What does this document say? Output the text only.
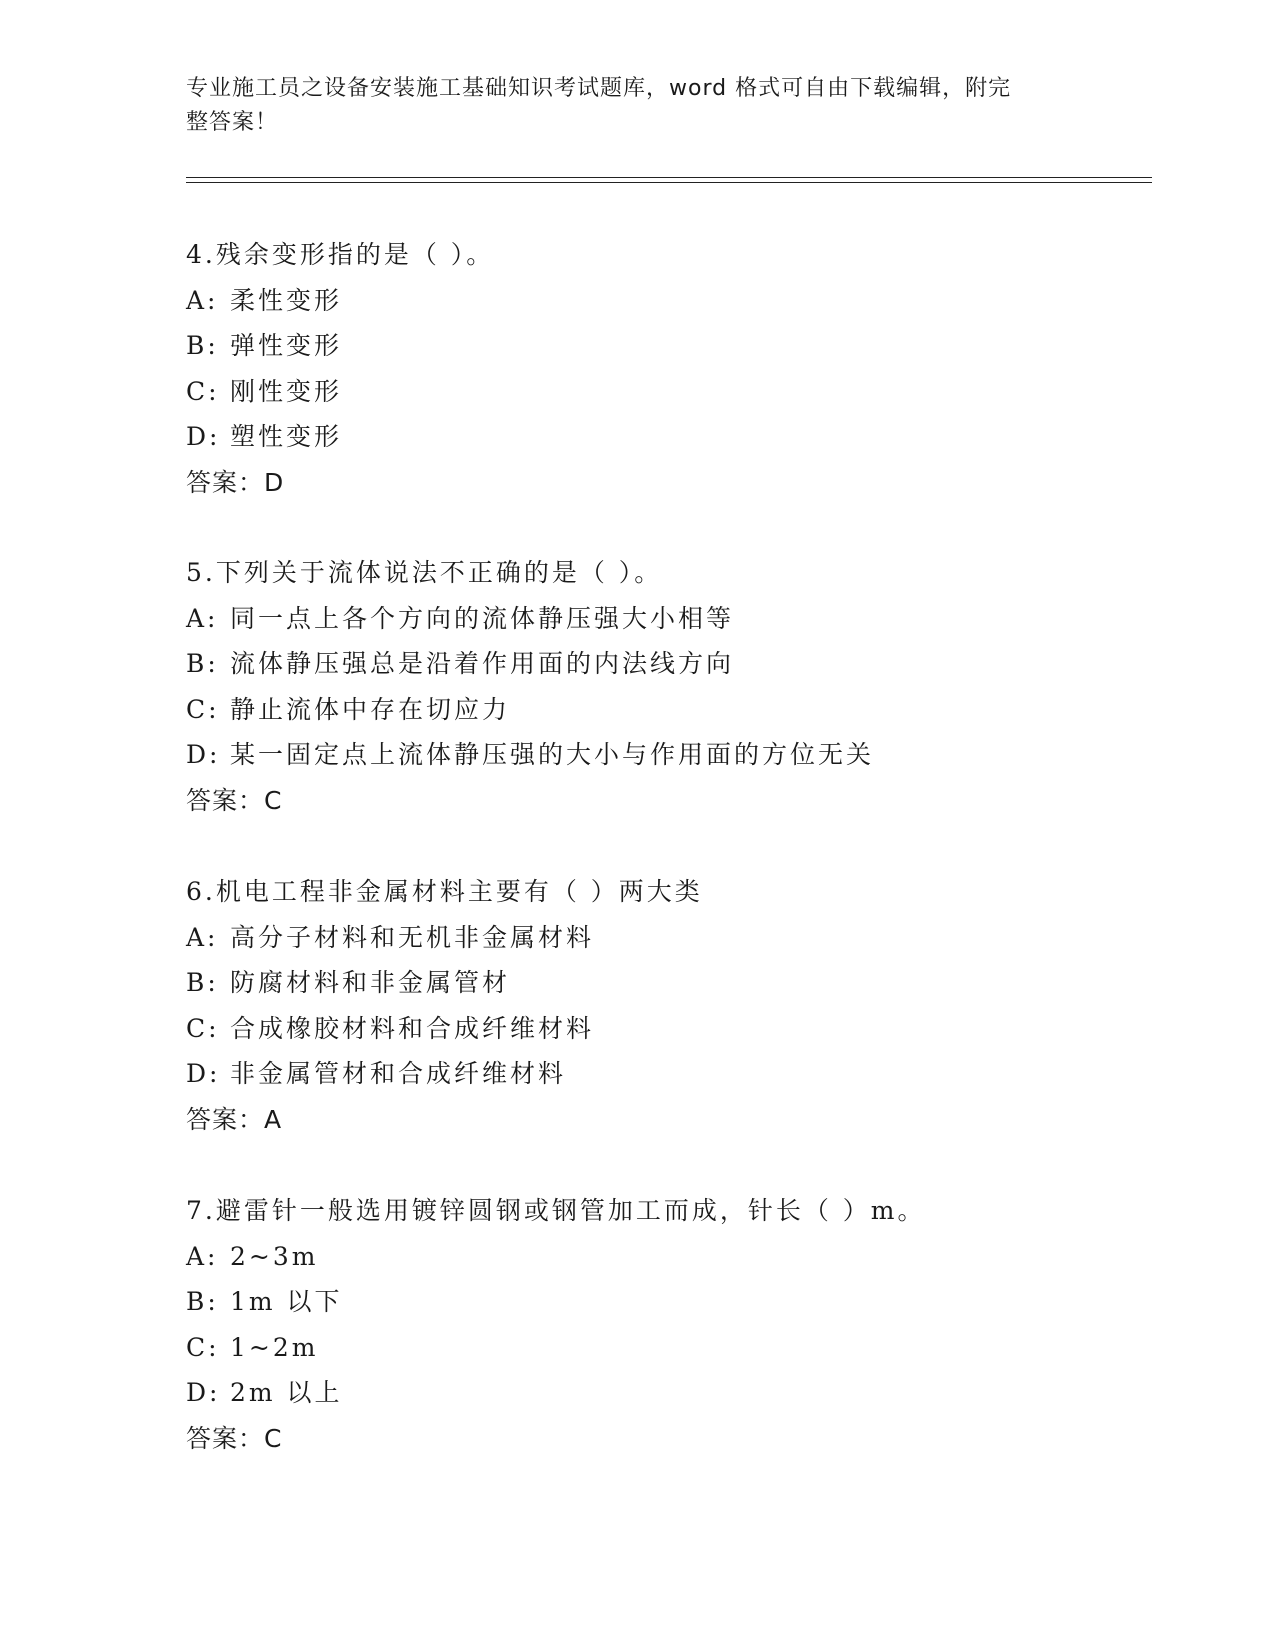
专业施工员之设备安装施工基础知识考试题库，word 格式可自由下载编辑，附完
整答案！
4.残余变形指的是（ ）。
A: 柔性变形
B: 弹性变形
C: 刚性变形
D: 塑性变形
答案：D
5.下列关于流体说法不正确的是（ ）。
A: 同一点上各个方向的流体静压强大小相等
B: 流体静压强总是沿着作用面的内法线方向
C: 静止流体中存在切应力
D: 某一固定点上流体静压强的大小与作用面的方位无关
答案：C
6.机电工程非金属材料主要有（ ）两大类
A: 高分子材料和无机非金属材料
B: 防腐材料和非金属管材
C: 合成橡胶材料和合成纤维材料
D: 非金属管材和合成纤维材料
答案：A
7.避雷针一般选用镀锌圆钢或钢管加工而成，针长（ ）m。
A: 2~3m
B: 1m 以下
C: 1~2m
D: 2m 以上
答案：C
